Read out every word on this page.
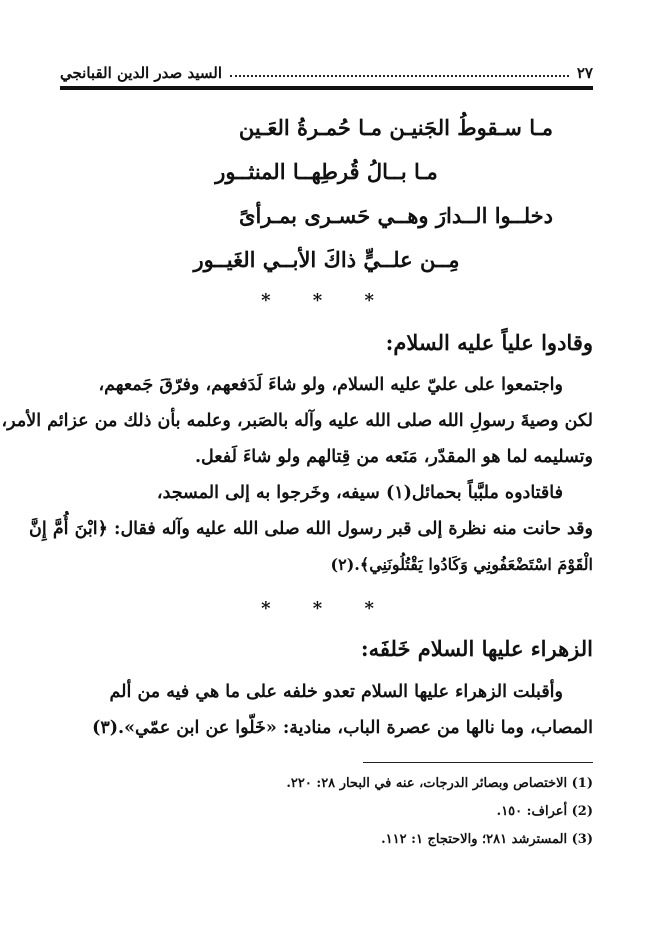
٢٧
السيد صدر الدين القبانجي
مـا سـقوطُ الجَنيـن مـا حُمـرةُ العَـين
مـا بــالُ قُرطِهــا المنثــور
دخلــوا الــدارَ وهــي حَسـرى بمـرأىً
مِــن علــيٍّ ذاكَ الأبــي الغَيــور
* * *
وقادوا علياً عليه السلام:
واجتمعوا على عليّ عليه السلام، ولو شاءَ لَدَفعهم، وفرّقَ جَمعهم،
لكن وصيةَ رسولِ الله صلى الله عليه وآله بالصَبر، وعلمه بأن ذلك من عزائم الأمر،
وتسليمه لما هو المقدّر، مَنَعه من قِتالهم ولو شاءَ لَفعل.
فاقتادوه ملبَّباً بحمائل(١) سيفه، وخَرجوا به إلى المسجد،
وقد حانت منه نظرة إلى قبر رسول الله صلى الله عليه وآله فقال: ﴿ابْنَ أُمَّ إِنَّ
الْقَوْمَ اسْتَضْعَفُونِي وَكَادُوا يَقْتُلُونَنِي﴾.(٢)
* * *
الزهراء عليها السلام خَلفَه:
وأقبلت الزهراء عليها السلام تعدو خلفه على ما هي فيه من ألم
المصاب، وما نالها من عصرة الباب، منادية: «خَلّوا عن ابن عمّي».(٣)
(1) الاختصاص وبصائر الدرجات، عنه في البحار ٢٨: ٢٢٠.
(2) أعراف: ١٥٠.
(3) المسترشد ٢٨١؛ والاحتجاج ١: ١١٢.
